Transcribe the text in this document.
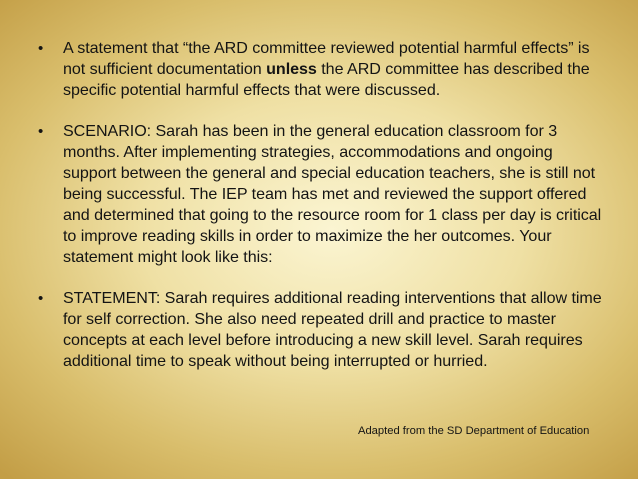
• A statement that “the ARD committee reviewed potential harmful effects” is not sufficient documentation unless the ARD committee has described the specific potential harmful effects that were discussed.
• SCENARIO: Sarah has been in the general education classroom for 3 months. After implementing strategies, accommodations and ongoing support between the general and special education teachers, she is still not being successful. The IEP team has met and reviewed the support offered and determined that going to the resource room for 1 class per day is critical to improve reading skills in order to maximize the her outcomes. Your statement might look like this:
• STATEMENT: Sarah requires additional reading interventions that allow time for self correction. She also need repeated drill and practice to master concepts at each level before introducing a new skill level. Sarah requires additional time to speak without being interrupted or hurried.
Adapted from the SD Department of Education
